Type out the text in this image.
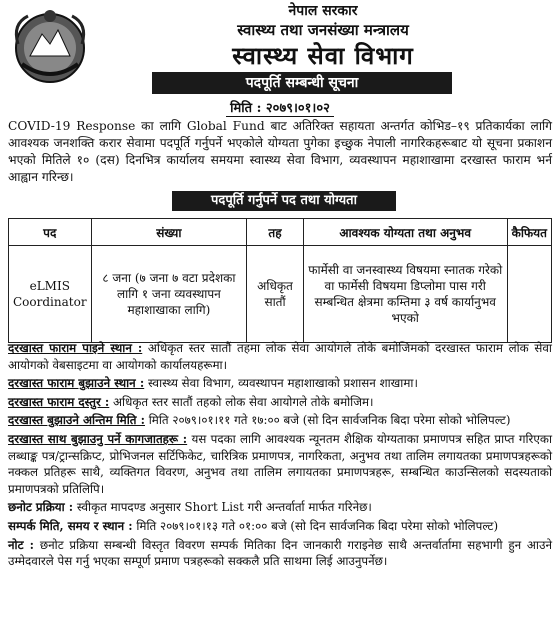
नेपाल सरकार
स्वास्थ्य तथा जनसंख्या मन्त्रालय
स्वास्थ्य सेवा विभाग
पदपूर्ति सम्बन्धी सूचना
मिति : २०७९।०१।०२
COVID-19 Response का लागि Global Fund बाट अतिरिक्त सहायता अन्तर्गत कोभिड–१९ प्रतिकार्यका लागि आवश्यक जनशक्ति करार सेवामा पदपूर्ति गर्नुपर्ने भएकोले योग्यता पुगेका इच्छुक नेपाली नागरिकहरूबाट यो सूचना प्रकाशन भएको मितिले १० (दस) दिनभित्र कार्यालय समयमा स्वास्थ्य सेवा विभाग, व्यवस्थापन महाशाखामा दरखास्त फाराम भर्न आह्वान गरिन्छ।
पदपूर्ति गर्नुपर्ने पद तथा योग्यता
पद	संख्या	तह	आवश्यक योग्यता तथा अनुभव	कैफियत
eLMIS Coordinator	८ जना (७ जना ७ वटा प्रदेशका लागि १ जना व्यवस्थापन महाशाखाका लागि)	अधिकृत सातौं	फार्मेसी वा जनस्वास्थ्य विषयमा स्नातक गरेको वा फार्मेसी विषयमा डिप्लोमा पास गरी सम्बन्धित क्षेत्रमा कम्तिमा ३ वर्ष कार्यानुभव भएको	

दरखास्त फाराम पाइने स्थान : अधिकृत स्तर सातौं तहमा लोक सेवा आयोगले तोके बमोजिमको दरखास्त फाराम लोक सेवा आयोगको वेबसाइटमा वा आयोगको कार्यालयहरूमा।

दरखास्त फाराम बुझाउने स्थान : स्वास्थ्य सेवा विभाग, व्यवस्थापन महाशाखाको प्रशासन शाखामा।

दरखास्त फाराम दस्तुर : अधिकृत स्तर सातौं तहको लोक सेवा आयोगले तोके बमोजिम।

दरखास्त बुझाउने अन्तिम मिति : मिति २०७९।०१।११ गते १७:०० बजे (सो दिन सार्वजनिक बिदा परेमा सोको भोलिपल्ट)

दरखास्त साथ बुझाउनु पर्ने कागजातहरू : यस पदका लागि आवश्यक न्यूनतम शैक्षिक योग्यताका प्रमाणपत्र सहित प्राप्त गरिएका लब्धाङ्क पत्र/ट्रान्सक्रिप्ट, प्रोभिजनल सर्टिफिकेट, चारित्रिक प्रमाणपत्र, नागरिकता, अनुभव तथा तालिम लगायतका प्रमाणपत्रहरूको नक्कल प्रतिहरू साथै, व्यक्तिगत विवरण, अनुभव तथा तालिम लगायतका प्रमाणपत्रहरू, सम्बन्धित काउन्सिलको सदस्यताको प्रमाणपत्रको प्रतिलिपि।

छनोट प्रक्रिया : स्वीकृत मापदण्ड अनुसार Short List गरी अन्तर्वार्ता मार्फत गरिनेछ।

सम्पर्क मिति, समय र स्थान : मिति २०७९।०१।१३ गते ०१:०० बजे (सो दिन सार्वजनिक बिदा परेमा सोको भोलिपल्ट)

नोट : छनोट प्रक्रिया सम्बन्धी विस्तृत विवरण सम्पर्क मितिका दिन जानकारी गराइनेछ साथै अन्तर्वार्तामा सहभागी हुन आउने उम्मेदवारले पेस गर्नु भएका सम्पूर्ण प्रमाण पत्रहरूको सक्कलै प्रति साथमा लिई आउनुपर्नेछ।
